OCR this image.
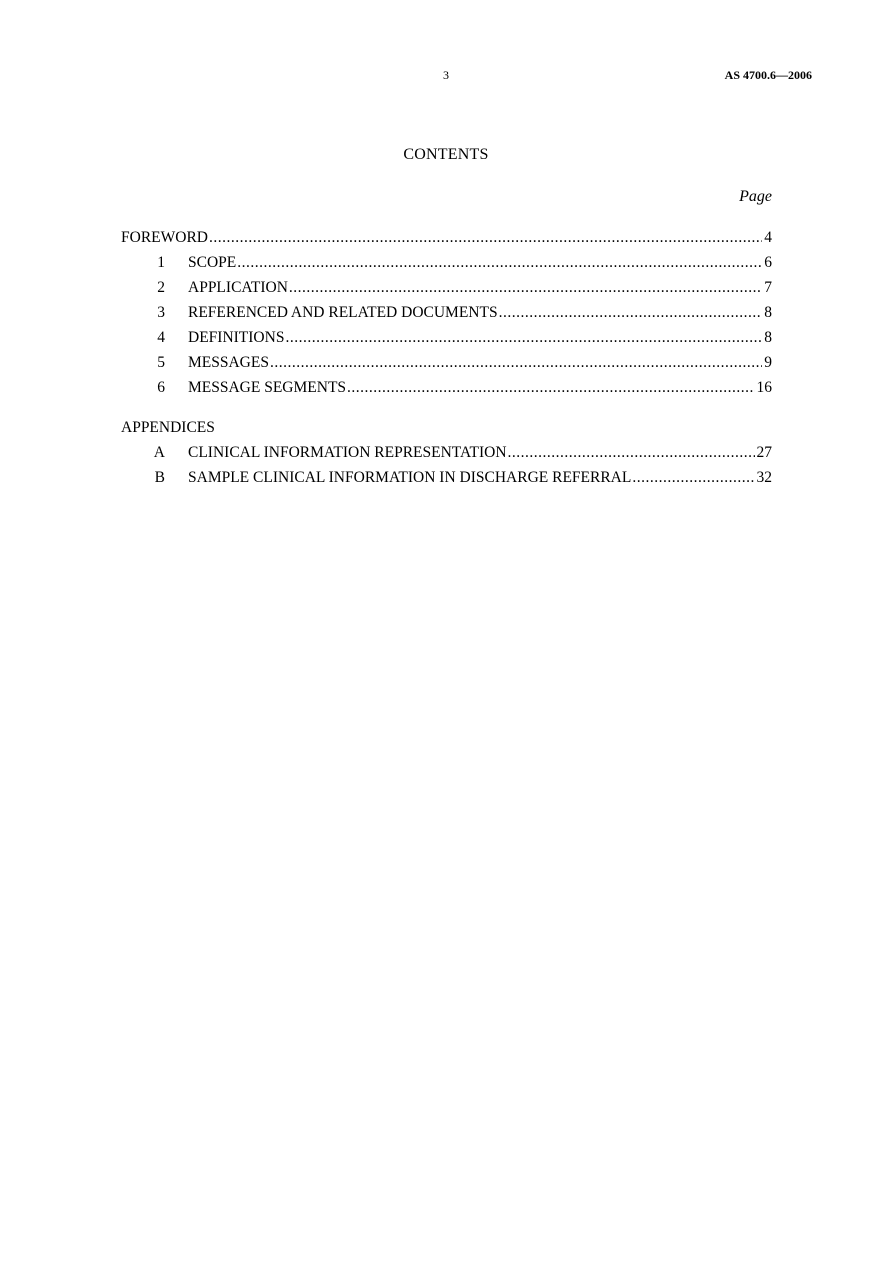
3	AS 4700.6—2006
CONTENTS
Page
FOREWORD .....	4
1	SCOPE .....	6
2	APPLICATION .....	7
3	REFERENCED AND RELATED DOCUMENTS .....	8
4	DEFINITIONS .....	8
5	MESSAGES .....	9
6	MESSAGE SEGMENTS .....	16
APPENDICES
A	CLINICAL INFORMATION REPRESENTATION .....	27
B	SAMPLE CLINICAL INFORMATION IN DISCHARGE REFERRAL .....	32
